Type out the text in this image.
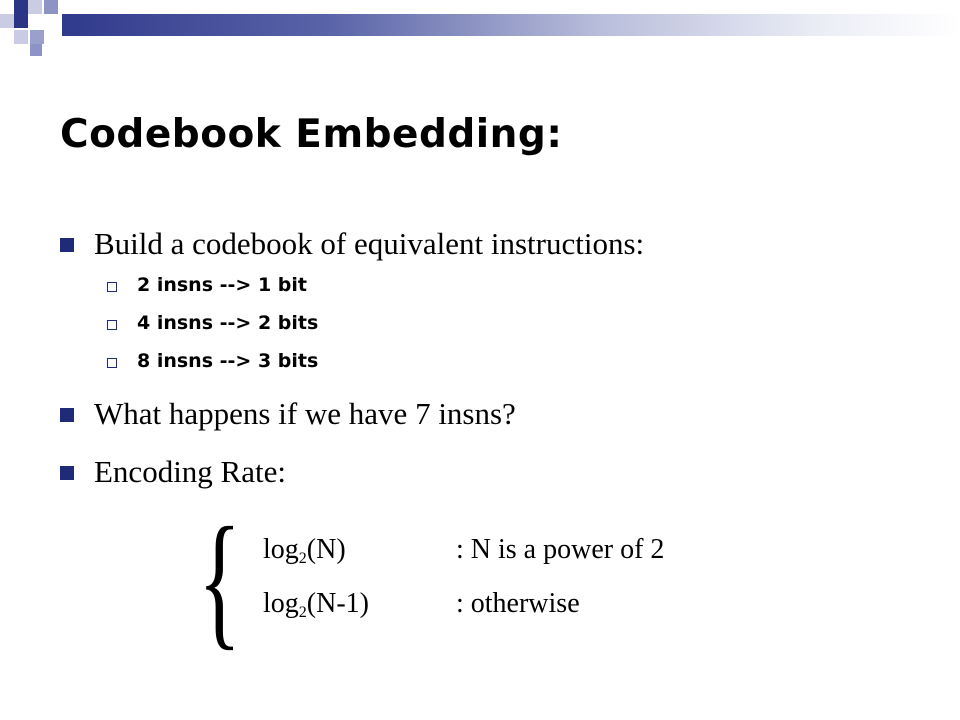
Codebook Embedding:
Build a codebook of equivalent instructions:
2 insns --> 1 bit
4 insns --> 2 bits
8 insns --> 3 bits
What happens if we have 7 insns?
Encoding Rate:
{ $\log_2(N)$	: N is a power of 2
$\log_2(N-1)$	: otherwise
